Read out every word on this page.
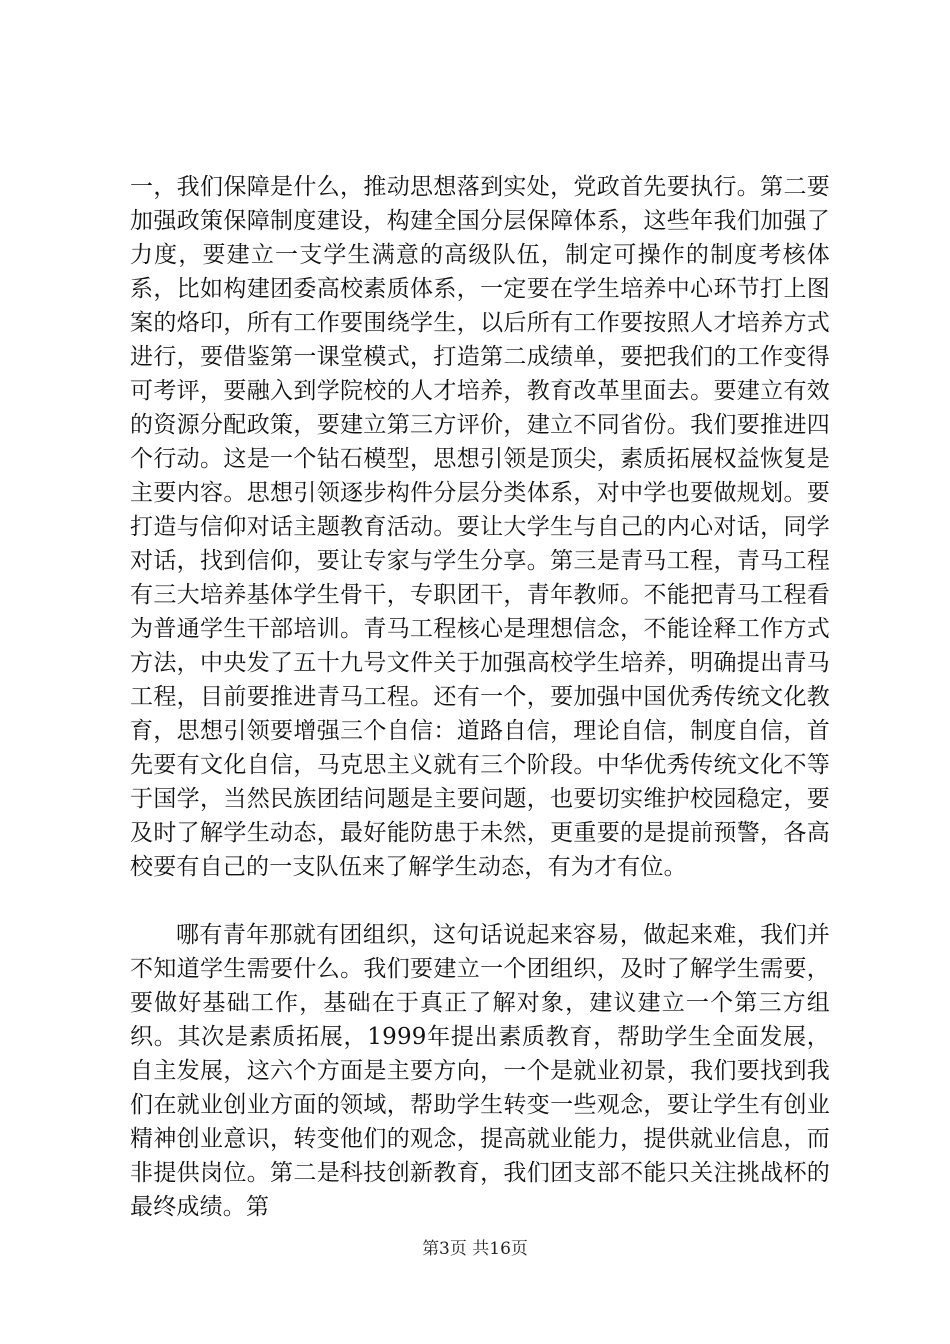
一，我们保障是什么，推动思想落到实处，党政首先要执行。第二要加强政策保障制度建设，构建全国分层保障体系，这些年我们加强了力度，要建立一支学生满意的高级队伍，制定可操作的制度考核体系，比如构建团委高校素质体系，一定要在学生培养中心环节打上图案的烙印，所有工作要围绕学生，以后所有工作要按照人才培养方式进行，要借鉴第一课堂模式，打造第二成绩单，要把我们的工作变得可考评，要融入到学院校的人才培养，教育改革里面去。要建立有效的资源分配政策，要建立第三方评价，建立不同省份。我们要推进四个行动。这是一个钻石模型，思想引领是顶尖，素质拓展权益恢复是主要内容。思想引领逐步构件分层分类体系，对中学也要做规划。要打造与信仰对话主题教育活动。要让大学生与自己的内心对话，同学对话，找到信仰，要让专家与学生分享。第三是青马工程，青马工程有三大培养基体学生骨干，专职团干，青年教师。不能把青马工程看为普通学生干部培训。青马工程核心是理想信念，不能诠释工作方式方法，中央发了五十九号文件关于加强高校学生培养，明确提出青马工程，目前要推进青马工程。还有一个，要加强中国优秀传统文化教育，思想引领要增强三个自信：道路自信，理论自信，制度自信，首先要有文化自信，马克思主义就有三个阶段。中华优秀传统文化不等于国学，当然民族团结问题是主要问题，也要切实维护校园稳定，要及时了解学生动态，最好能防患于未然，更重要的是提前预警，各高校要有自己的一支队伍来了解学生动态，有为才有位。

哪有青年那就有团组织，这句话说起来容易，做起来难，我们并不知道学生需要什么。我们要建立一个团组织，及时了解学生需要，要做好基础工作，基础在于真正了解对象，建议建立一个第三方组织。其次是素质拓展，1999年提出素质教育，帮助学生全面发展，自主发展，这六个方面是主要方向，一个是就业初景，我们要找到我们在就业创业方面的领域，帮助学生转变一些观念，要让学生有创业精神创业意识，转变他们的观念，提高就业能力，提供就业信息，而非提供岗位。第二是科技创新教育，我们团支部不能只关注挑战杯的最终成绩。第

第3页 共16页
